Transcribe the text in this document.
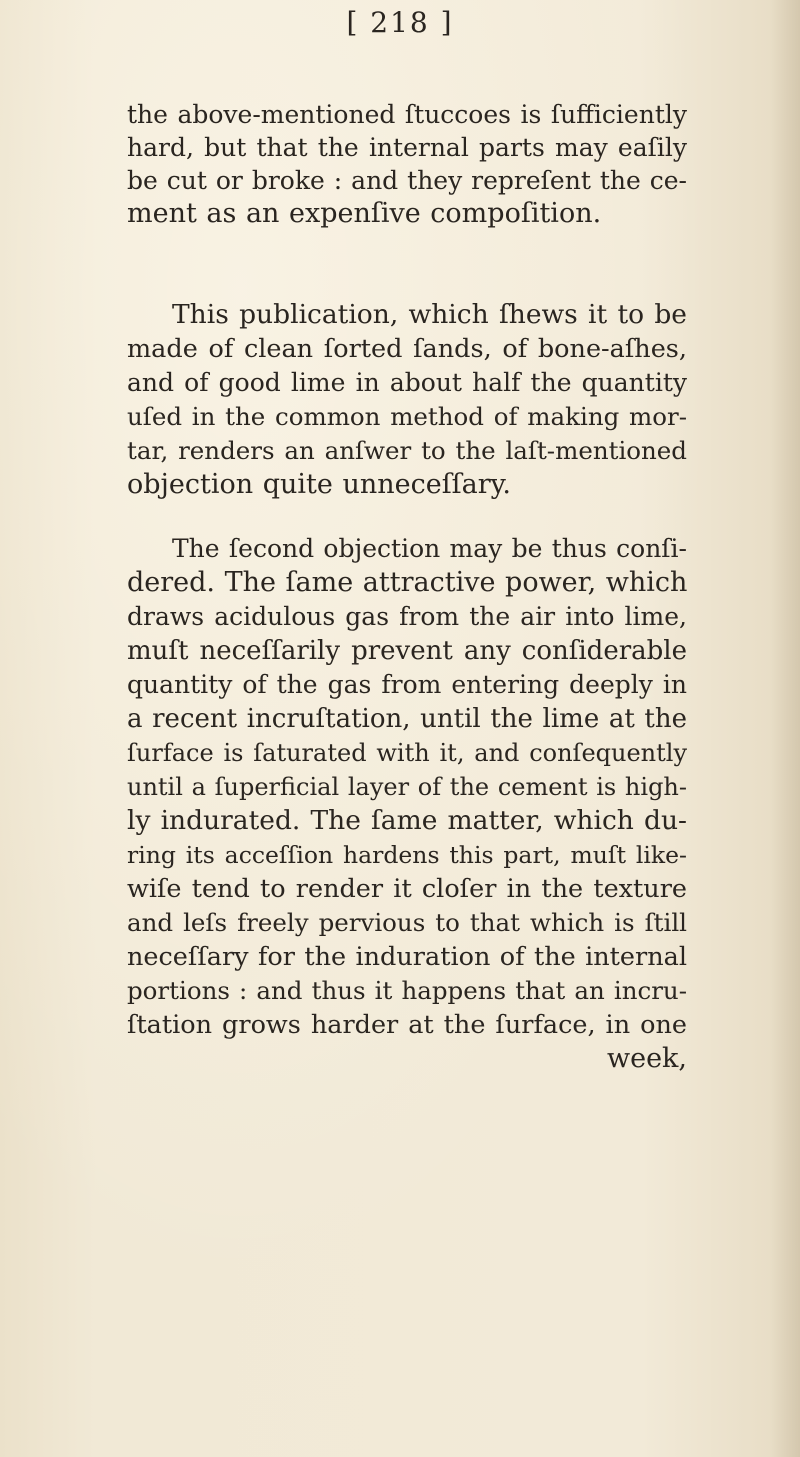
[ 218 ]
the above-mentioned ſtuccoes is ſufficiently
hard, but that the internal parts may eaſily
be cut or broke : and they repreſent the ce-
ment as an expenſive compoſition.
This publication, which ſhews it to be
made of clean ſorted ſands, of bone-aſhes,
and of good lime in about half the quantity
uſed in the common method of making mor-
tar, renders an anſwer to the laſt-mentioned
objection quite unneceſſary.
The ſecond objection may be thus conſi-
dered. The ſame attractive power, which
draws acidulous gas from the air into lime,
muſt neceſſarily prevent any conſiderable
quantity of the gas from entering deeply in
a recent incruſtation, until the lime at the
ſurface is ſaturated with it, and conſequently
until a ſuperficial layer of the cement is high-
ly indurated. The ſame matter, which du-
ring its acceſſion hardens this part, muſt like-
wiſe tend to render it cloſer in the texture
and leſs freely pervious to that which is ſtill
neceſſary for the induration of the internal
portions : and thus it happens that an incru-
ſtation grows harder at the ſurface, in one
week,
